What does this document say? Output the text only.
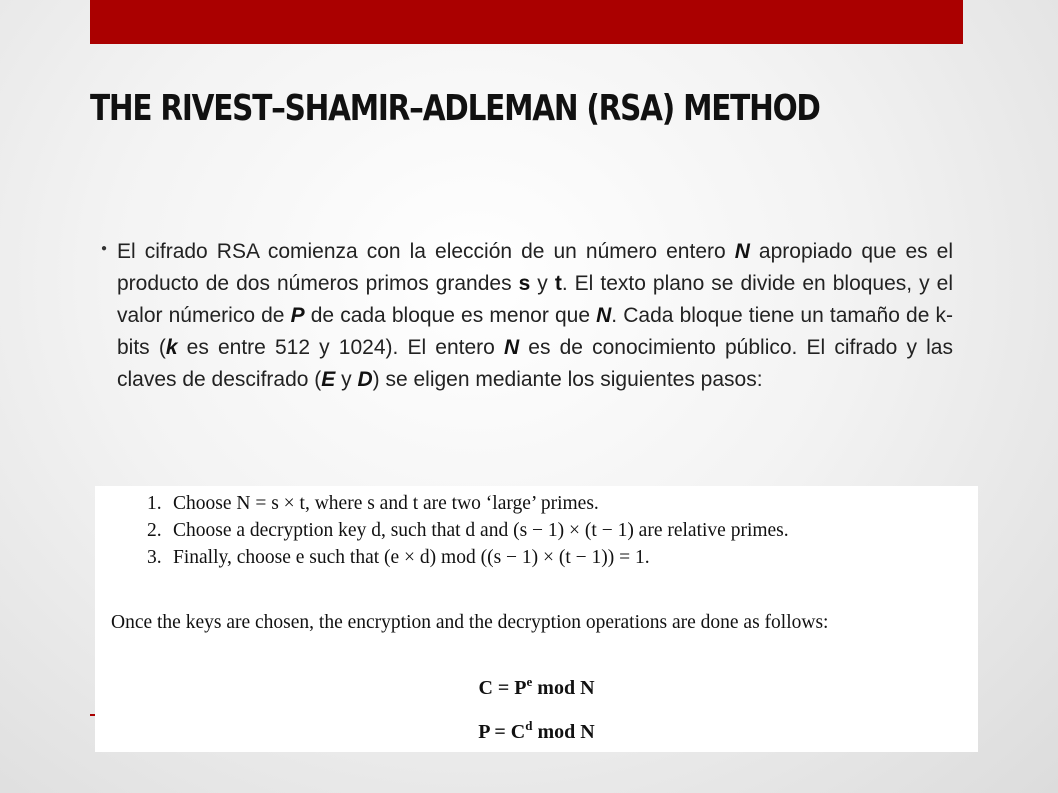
THE RIVEST–SHAMIR–ADLEMAN (RSA) METHOD
● El cifrado RSA comienza con la elección de un número entero N apropiado que es el producto de dos números primos grandes s y t. El texto plano se divide en bloques, y el valor númerico de P de cada bloque es menor que N. Cada bloque tiene un tamaño de k-bits (k es entre 512 y 1024). El entero N es de conocimiento público. El cifrado y las claves de descifrado (E y D) se eligen mediante los siguientes pasos:

1. Choose N = s × t, where s and t are two ‘large’ primes.
2. Choose a decryption key d, such that d and (s − 1) × (t − 1) are relative primes.
3. Finally, choose e such that (e × d) mod ((s − 1) × (t − 1)) = 1.

Once the keys are chosen, the encryption and the decryption operations are done as follows:

$C = P^e$ mod N

$P = C^d$ mod N
